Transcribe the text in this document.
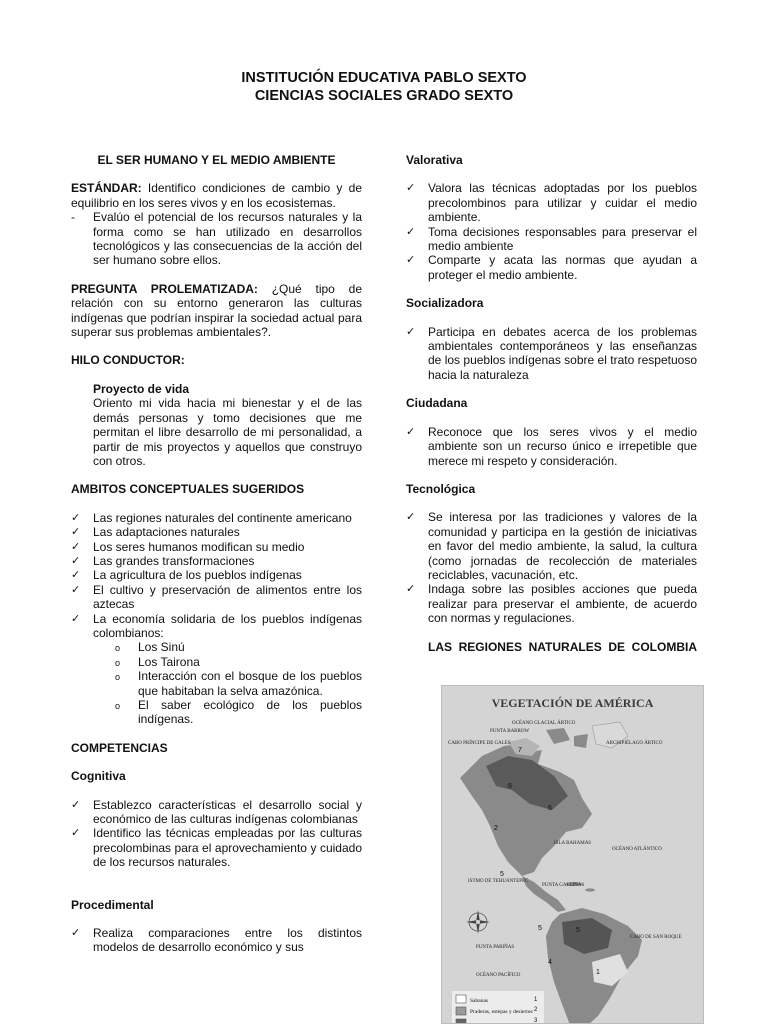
INSTITUCIÓN EDUCATIVA PABLO SEXTO
CIENCIAS SOCIALES GRADO SEXTO
EL SER HUMANO Y EL MEDIO AMBIENTE
ESTÁNDAR: Identifico condiciones de cambio y de equilibrio en los seres vivos y en los ecosistemas.
- Evalúo el potencial de los recursos naturales y la forma como se han utilizado en desarrollos tecnológicos y las consecuencias de la acción del ser humano sobre ellos.
PREGUNTA PROLEMATIZADA: ¿Qué tipo de relación con su entorno generaron las culturas indígenas que podrían inspirar la sociedad actual para superar sus problemas ambientales?.
HILO CONDUCTOR:
Proyecto de vida
Oriento mi vida hacia mi bienestar y el de las demás personas y tomo decisiones que me permitan el libre desarrollo de mi personalidad, a partir de mis proyectos y aquellos que construyo con otros.
AMBITOS CONCEPTUALES SUGERIDOS
✓ Las regiones naturales del continente americano
✓ Las adaptaciones naturales
✓ Los seres humanos modifican su medio
✓ Las grandes transformaciones
✓ La agricultura de los pueblos indígenas
✓ El cultivo y preservación de alimentos entre los aztecas
✓ La economía solidaria de los pueblos indígenas colombianos:
o Los Sinú
o Los Tairona
o Interacción con el bosque de los pueblos que habitaban la selva amazónica.
o El saber ecológico de los pueblos indígenas.
COMPETENCIAS
Cognitiva
✓ Establezco características el desarrollo social y económico de las culturas indígenas colombianas
✓ Identifico las técnicas empleadas por las culturas precolombinas para el aprovechamiento y cuidado de los recursos naturales.
Procedimental
✓ Realiza comparaciones entre los distintos modelos de desarrollo económico y sus
Valorativa
✓ Valora las técnicas adoptadas por los pueblos precolombinos para utilizar y cuidar el medio ambiente.
✓ Toma decisiones responsables para preservar el medio ambiente
✓ Comparte y acata las normas que ayudan a proteger el medio ambiente.
Socializadora
✓ Participa en debates acerca de los problemas ambientales contemporáneos y las enseñanzas de los pueblos indígenas sobre el trato respetuoso hacia la naturaleza
Ciudadana
✓ Reconoce que los seres vivos y el medio ambiente son un recurso único e irrepetible que merece mi respeto y consideración.
Tecnológica
✓ Se interesa por las tradiciones y valores de la comunidad y participa en la gestión de iniciativas en favor del medio ambiente, la salud, la cultura (como jornadas de recolección de materiales reciclables, vacunación, etc.
✓ Indaga sobre las posibles acciones que pueda realizar para preservar el ambiente, de acuerdo con normas y regulaciones.
LAS REGIONES NATURALES DE COLOMBIA
VEGETACIÓN DE AMÉRICA
7
8
6
2
5
5	5
4
1
OCÉANO GLACIAL ÁRTICO
PUNTA BARROW
CABO PRÍNCIPE DE GALES	ARCHIPIÉLAGO ÁRTICO
ISLA BAHAMAS
OCÉANO ATLÁNTICO
ISTMO DE TEHUANTEPEC
PUNTA GALLINAS
PUNTA PARIÑAS
CABO DE SAN ROQUE
OCÉANO PACÍFICO
Sabanas
Praderas, estepas y desiertos
1
2
3
